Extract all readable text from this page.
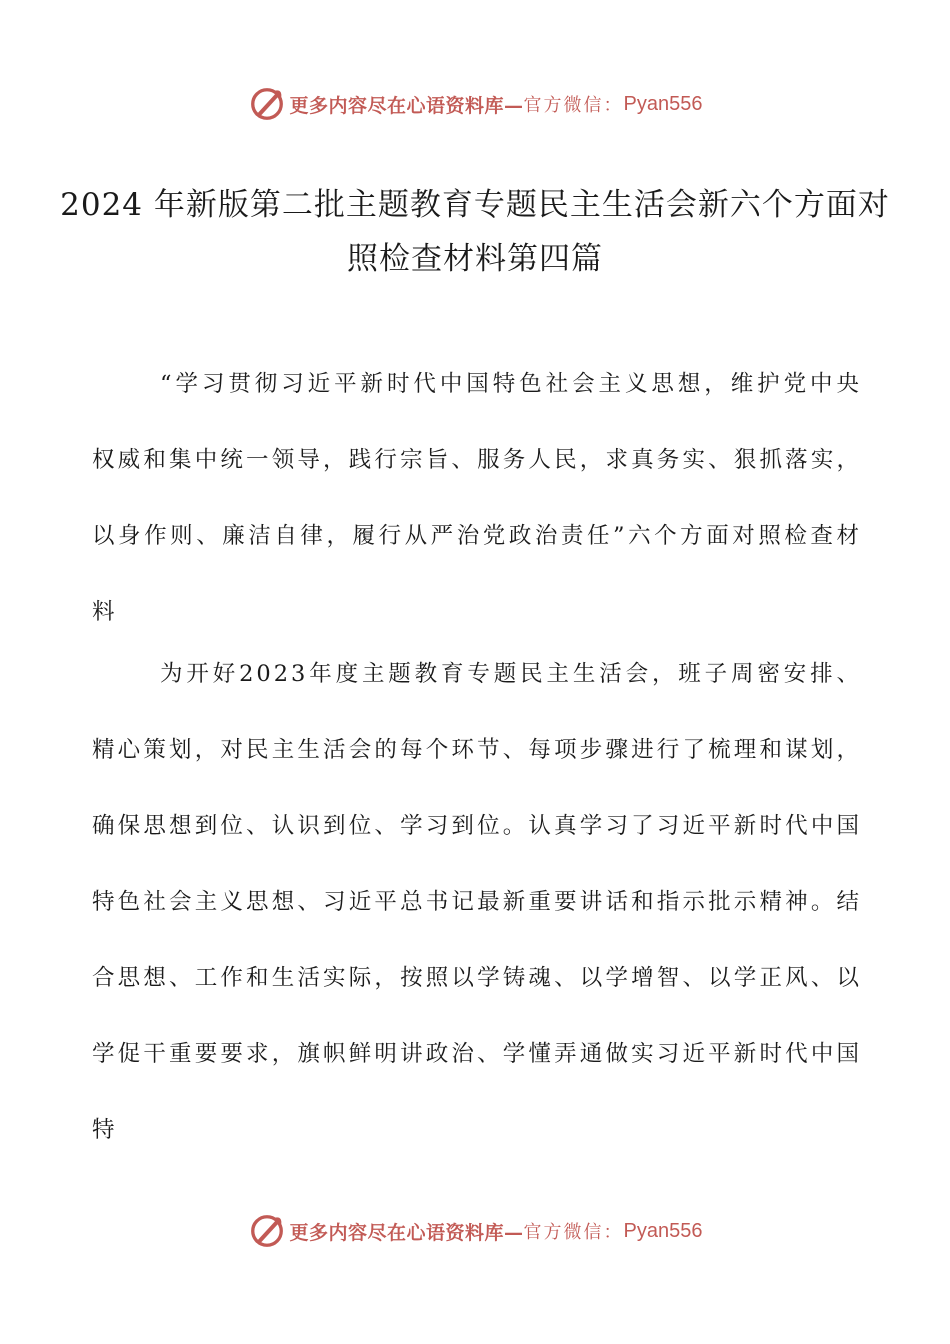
更多内容尽在心语资料库— 官方微信： Pyan556
2024 年新版第二批主题教育专题民主生活会新六个方面对照检查材料第四篇

“学习贯彻习近平新时代中国特色社会主义思想，维护党中央权威和集中统一领导，践行宗旨、服务人民，求真务实、狠抓落实，以身作则、廉洁自律，履行从严治党政治责任”六个方面对照检查材料

为开好2023年度主题教育专题民主生活会，班子周密安排、精心策划，对民主生活会的每个环节、每项步骤进行了梳理和谋划，确保思想到位、认识到位、学习到位。认真学习了习近平新时代中国特色社会主义思想、习近平总书记最新重要讲话和指示批示精神。结合思想、工作和生活实际，按照以学铸魂、以学增智、以学正风、以学促干重要要求，旗帜鲜明讲政治、学懂弄通做实习近平新时代中国特

更多内容尽在心语资料库— 官方微信： Pyan556
